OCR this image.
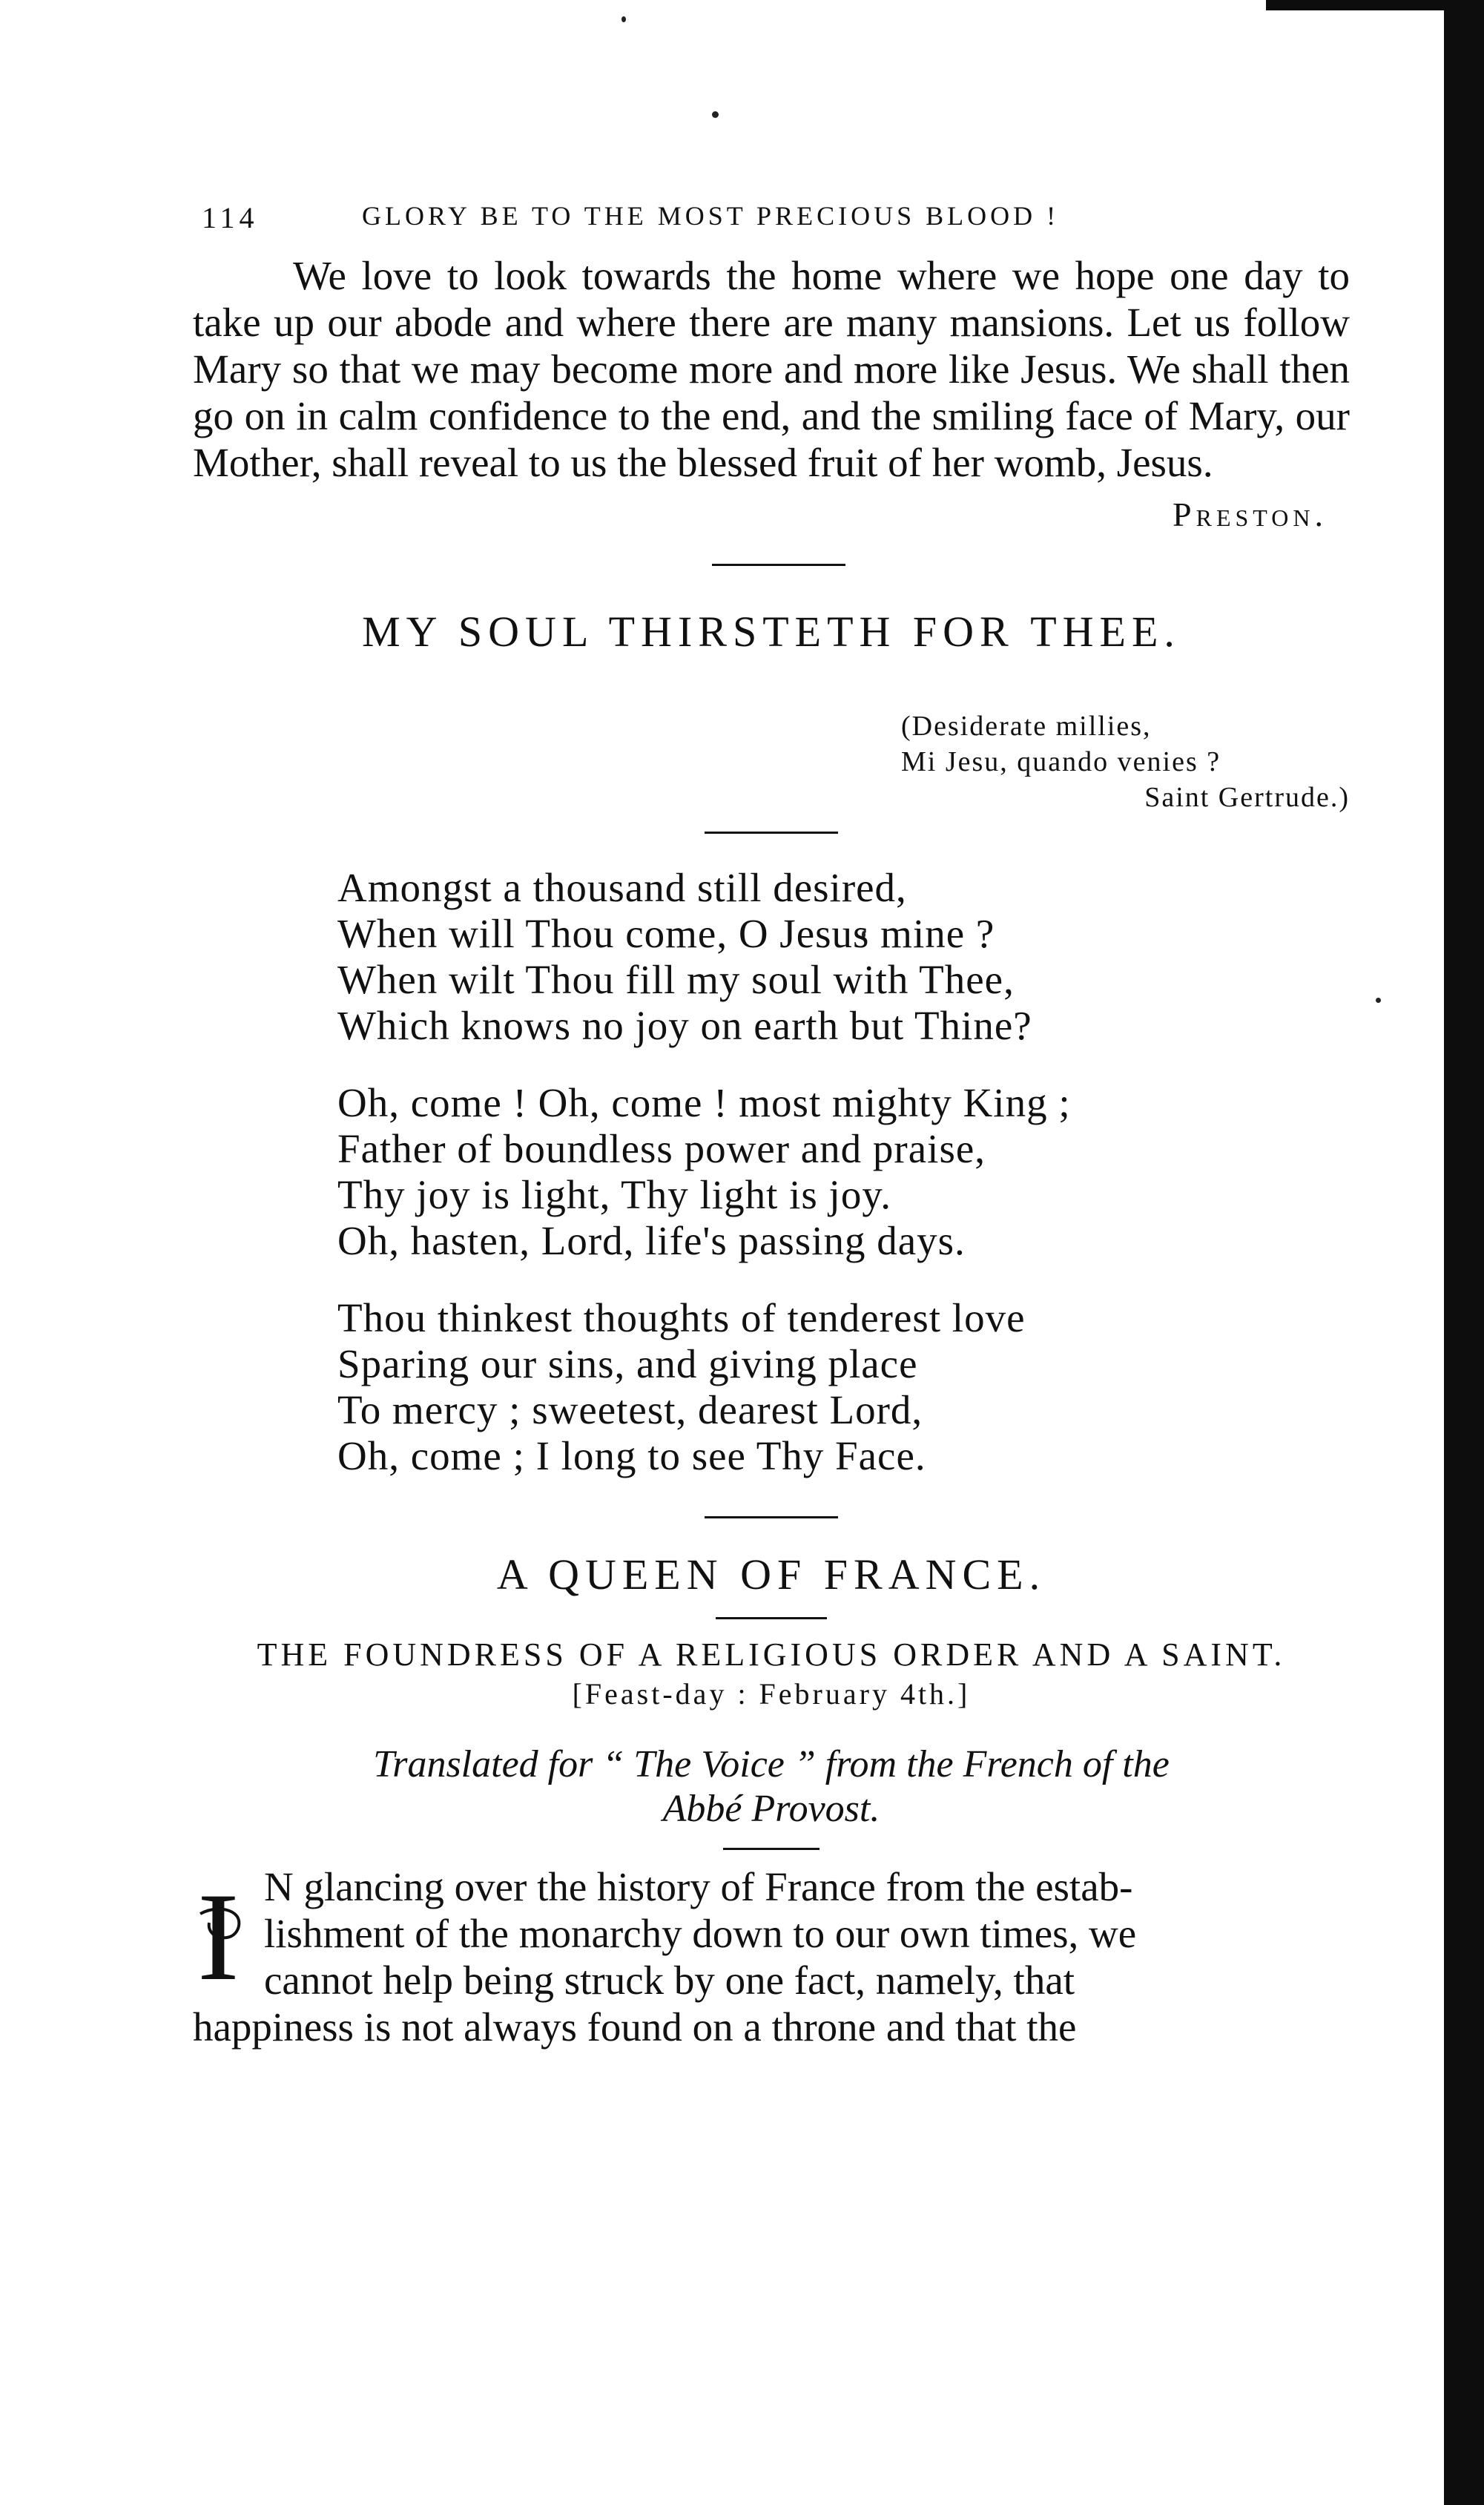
114	GLORY BE TO THE MOST PRECIOUS BLOOD !

We love to look towards the home where we hope one day to take up our abode and where there are many mansions. Let us follow Mary so that we may become more and more like Jesus. We shall then go on in calm confidence to the end, and the smiling face of Mary, our Mother, shall reveal to us the blessed fruit of her womb, Jesus.

Preston.
MY SOUL THIRSTETH FOR THEE.
(Desiderate millies,
Mi Jesu, quando venies ?
Saint Gertrude.)
Amongst a thousand still desired,
When will Thou come, O Jesus mine ?
When wilt Thou fill my soul with Thee,
Which knows no joy on earth but Thine?
Oh, come ! Oh, come ! most mighty King ;
Father of boundless power and praise,
Thy joy is light, Thy light is joy.
Oh, hasten, Lord, life's passing days.
Thou thinkest thoughts of tenderest love
Sparing our sins, and giving place
To mercy ; sweetest, dearest Lord,
Oh, come ; I long to see Thy Face.
A QUEEN OF FRANCE.
THE FOUNDRESS OF A RELIGIOUS ORDER AND A SAINT.
[Feast-day : February 4th.]
Translated for “ The Voice ” from the French of the
Abbé Provost.
I N glancing over the history of France from the estab-
lishment of the monarchy down to our own times, we
cannot help being struck by one fact, namely, that
happiness is not always found on a throne and that the
